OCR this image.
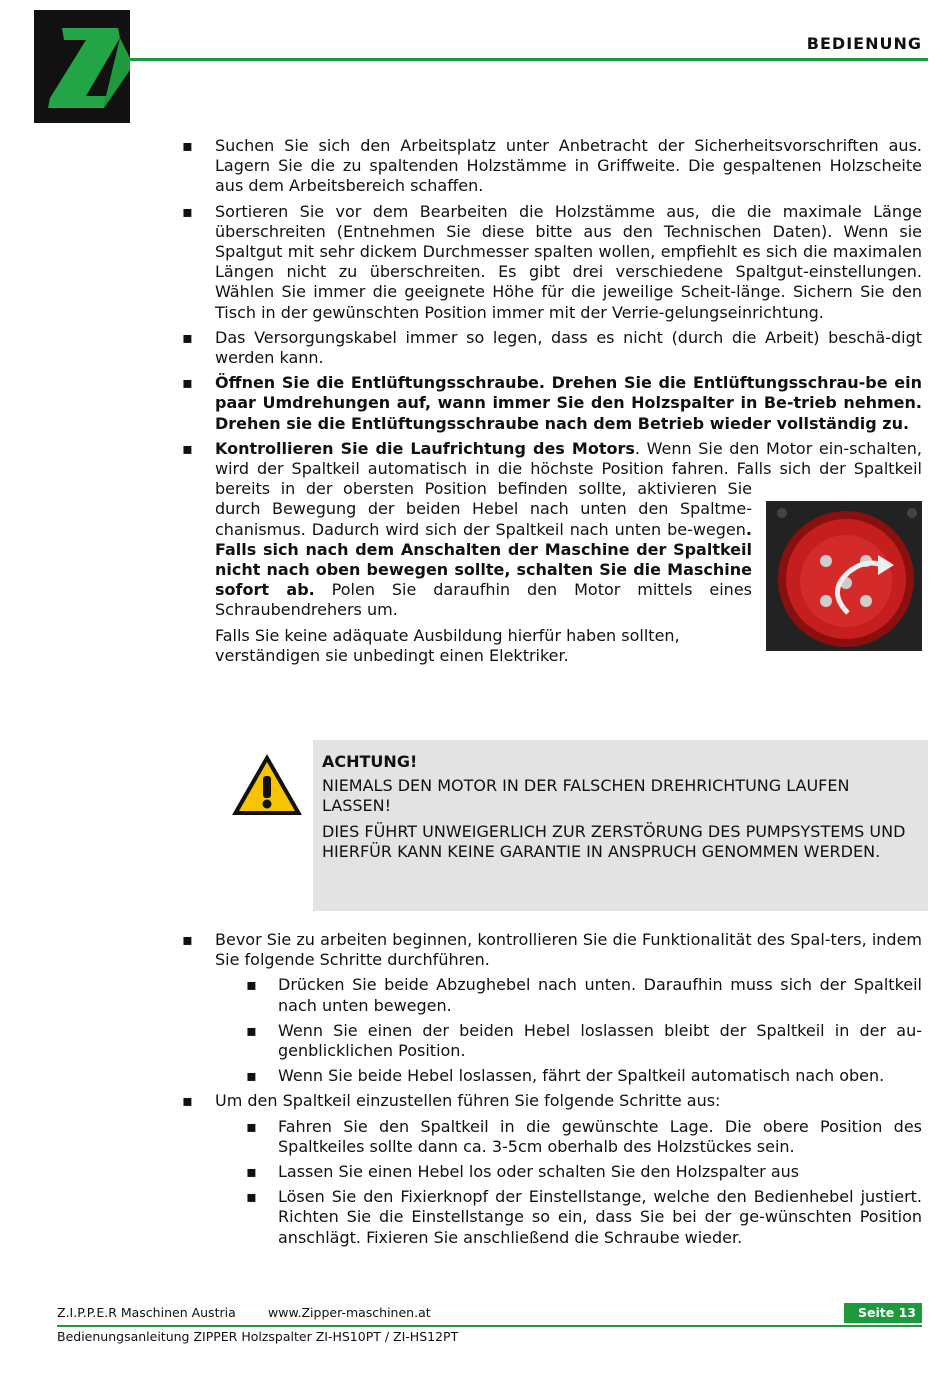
BEDIENUNG
▪ Suchen Sie sich den Arbeitsplatz unter Anbetracht der Sicherheitsvorschriften aus. Lagern Sie die zu spaltenden Holzstämme in Griffweite. Die gespaltenen Holzscheite aus dem Arbeitsbereich schaffen.
▪ Sortieren Sie vor dem Bearbeiten die Holzstämme aus, die die maximale Länge überschreiten (Entnehmen Sie diese bitte aus den Technischen Daten). Wenn sie Spaltgut mit sehr dickem Durchmesser spalten wollen, empfiehlt es sich die maximalen Längen nicht zu überschreiten. Es gibt drei verschiedene Spaltgut-einstellungen. Wählen Sie immer die geeignete Höhe für die jeweilige Scheit-länge. Sichern Sie den Tisch in der gewünschten Position immer mit der Verrie-gelungseinrichtung.
▪ Das Versorgungskabel immer so legen, dass es nicht (durch die Arbeit) beschä-digt werden kann.
▪ Öffnen Sie die Entlüftungsschraube. Drehen Sie die Entlüftungsschrau-be ein paar Umdrehungen auf, wann immer Sie den Holzspalter in Be-trieb nehmen. Drehen sie die Entlüftungsschraube nach dem Betrieb wieder vollständig zu.
▪ Kontrollieren Sie die Laufrichtung des Motors. Wenn Sie den Motor ein-schalten, wird der Spaltkeil automatisch in die höchste Position fahren. Falls sich der Spaltkeil bereits in der obersten Position befinden sollte, aktivieren Sie durch Bewegung der beiden Hebel nach unten den Spaltme-chanismus. Dadurch wird sich der Spaltkeil nach unten be-wegen. Falls sich nach dem Anschalten der Maschine der Spaltkeil nicht nach oben bewegen sollte, schalten Sie die Maschine sofort ab. Polen Sie daraufhin den Motor mittels eines Schraubendrehers um.

Falls Sie keine adäquate Ausbildung hierfür haben sollten, verständigen sie unbedingt einen Elektriker.

ACHTUNG!
NIEMALS DEN MOTOR IN DER FALSCHEN DREHRICHTUNG LAUFEN LASSEN!
DIES FÜHRT UNWEIGERLICH ZUR ZERSTÖRUNG DES PUMPSYSTEMS UND HIERFÜR KANN KEINE GARANTIE IN ANSPRUCH GENOMMEN WERDEN.
▪ Bevor Sie zu arbeiten beginnen, kontrollieren Sie die Funktionalität des Spal-ters, indem Sie folgende Schritte durchführen.
▪ Drücken Sie beide Abzughebel nach unten. Daraufhin muss sich der Spaltkeil nach unten bewegen.
▪ Wenn Sie einen der beiden Hebel loslassen bleibt der Spaltkeil in der au-genblicklichen Position.
▪ Wenn Sie beide Hebel loslassen, fährt der Spaltkeil automatisch nach oben.
▪ Um den Spaltkeil einzustellen führen Sie folgende Schritte aus:
▪ Fahren Sie den Spaltkeil in die gewünschte Lage. Die obere Position des Spaltkeiles sollte dann ca. 3-5cm oberhalb des Holzstückes sein.
▪ Lassen Sie einen Hebel los oder schalten Sie den Holzspalter aus
▪ Lösen Sie den Fixierknopf der Einstellstange, welche den Bedienhebel justiert. Richten Sie die Einstellstange so ein, dass Sie bei der ge-wünschten Position anschlägt. Fixieren Sie anschließend die Schraube wieder.
Z.I.P.P.E.R Maschinen Austria	www.Zipper-maschinen.at	Seite 13
Bedienungsanleitung ZIPPER Holzspalter ZI-HS10PT / ZI-HS12PT
